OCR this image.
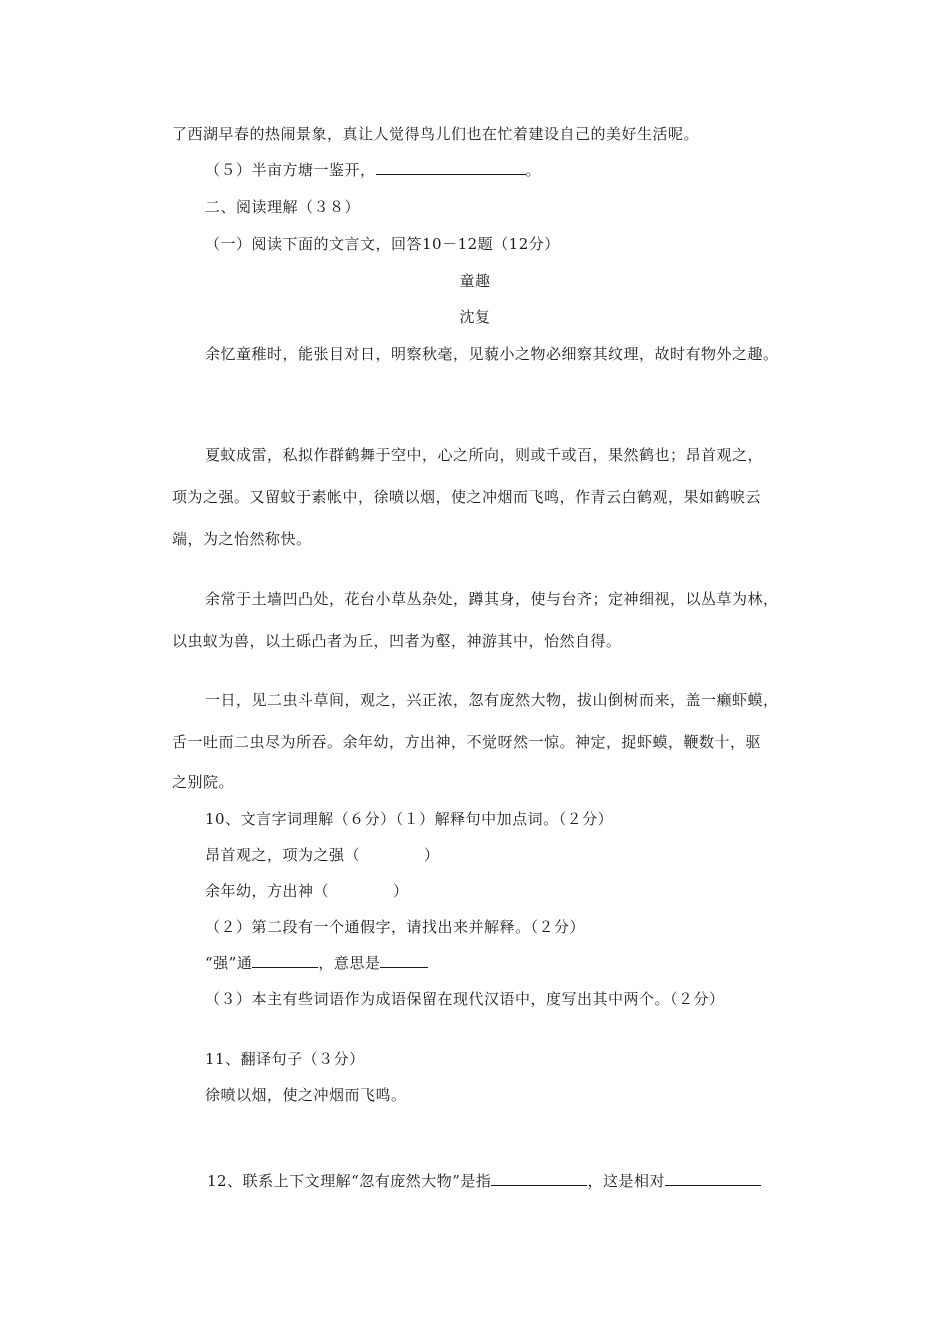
了西湖早春的热闹景象，真让人觉得鸟儿们也在忙着建设自己的美好生活呢。
（５）半亩方塘一鉴开，	。
二、阅读理解（３８）
（一）阅读下面的文言文，回答10－12题（12分）
童趣
沈复
余忆童稚时，能张目对日，明察秋毫，见藐小之物必细察其纹理，故时有物外之趣。
夏蚊成雷，私拟作群鹤舞于空中，心之所向，则或千或百，果然鹤也；昂首观之，
项为之强。又留蚊于素帐中，徐喷以烟，使之冲烟而飞鸣，作青云白鹤观，果如鹤唳云
端，为之怡然称快。
余常于土墙凹凸处，花台小草丛杂处，蹲其身，使与台齐；定神细视，以丛草为林，
以虫蚁为兽，以土砾凸者为丘，凹者为壑，神游其中，怡然自得。
一日，见二虫斗草间，观之，兴正浓，忽有庞然大物，拔山倒树而来，盖一癞虾蟆，
舌一吐而二虫尽为所吞。余年幼，方出神，不觉呀然一惊。神定，捉虾蟆，鞭数十，驱
之别院。
10、文言字词理解（６分）（１）解释句中加点词。（２分）
昂首观之，项为之强（	）
余年幼，方出神（	）
（２）第二段有一个通假字，请找出来并解释。（２分）
“强”通	，意思是
（３）本主有些词语作为成语保留在现代汉语中，度写出其中两个。（２分）
11、翻译句子（３分）
徐喷以烟，使之冲烟而飞鸣。
12、联系上下文理解“忽有庞然大物”是指	，这是相对
